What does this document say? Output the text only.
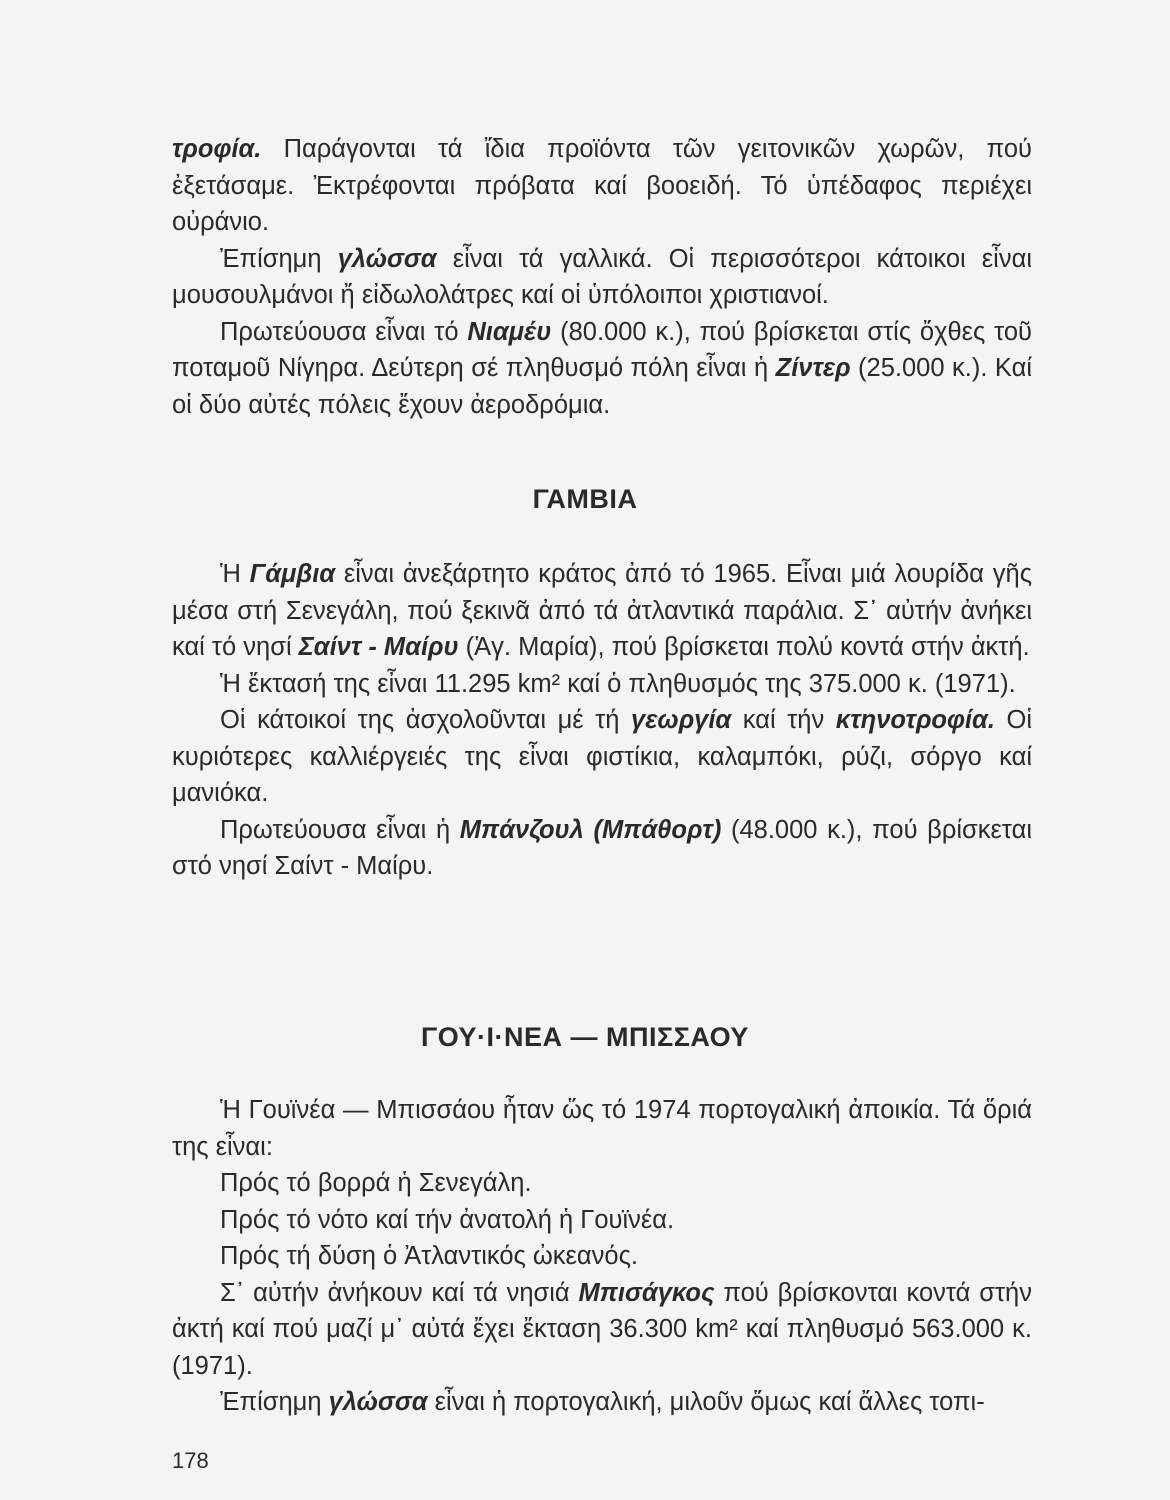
τροφία. Παράγονται τά ἴδια προϊόντα τῶν γειτονικῶν χωρῶν, πού ἐξετάσαμε. Ἐκτρέφονται πρόβατα καί βοοειδή. Τό ὑπέδαφος περιέχει οὐράνιο.

Ἐπίσημη γλώσσα εἶναι τά γαλλικά. Οἱ περισσότεροι κάτοικοι εἶναι μουσουλμάνοι ἤ εἰδωλολάτρες καί οἱ ὑπόλοιποι χριστιανοί.

Πρωτεύουσα εἶναι τό Νιαμέυ (80.000 κ.), πού βρίσκεται στίς ὄχθες τοῦ ποταμοῦ Νίγηρα. Δεύτερη σέ πληθυσμό πόλη εἶναι ἡ Ζίντερ (25.000 κ.). Καί οἱ δύο αὐτές πόλεις ἔχουν ἀεροδρόμια.

ΓΑΜΒΙΑ

Ἡ Γάμβια εἶναι ἀνεξάρτητο κράτος ἀπό τό 1965. Εἶναι μιά λουρίδα γῆς μέσα στή Σενεγάλη, πού ξεκινᾶ ἀπό τά ἀτλαντικά παράλια. Σ᾽ αὐτήν ἀνήκει καί τό νησί Σαίντ - Μαίρυ (Ἁγ. Μαρία), πού βρίσκεται πολύ κοντά στήν ἀκτή.

Ἡ ἔκτασή της εἶναι 11.295 km² καί ὁ πληθυσμός της 375.000 κ. (1971).

Οἱ κάτοικοί της ἀσχολοῦνται μέ τή γεωργία καί τήν κτηνοτροφία. Οἱ κυριότερες καλλιέργειές της εἶναι φιστίκια, καλαμπόκι, ρύζι, σόργο καί μανιόκα.

Πρωτεύουσα εἶναι ἡ Μπάνζουλ (Μπάθορτ) (48.000 κ.), πού βρίσκεται στό νησί Σαίντ - Μαίρυ.

ΓΟΥ·Ι·ΝΕΑ — ΜΠΙΣΣΑΟΥ

Ἡ Γουϊνέα — Μπισσάου ἦταν ὥς τό 1974 πορτογαλική ἀποικία. Τά ὅριά της εἶναι:

Πρός τό βορρά ἡ Σενεγάλη.

Πρός τό νότο καί τήν ἀνατολή ἡ Γουϊνέα.

Πρός τή δύση ὁ Ἀτλαντικός ὠκεανός.

Σ᾽ αὐτήν ἀνήκουν καί τά νησιά Μπισάγκος πού βρίσκονται κοντά στήν ἀκτή καί πού μαζί μ᾽ αὐτά ἔχει ἔκταση 36.300 km² καί πληθυσμό 563.000 κ. (1971).

Ἐπίσημη γλώσσα εἶναι ἡ πορτογαλική, μιλοῦν ὅμως καί ἄλλες τοπι-

178
